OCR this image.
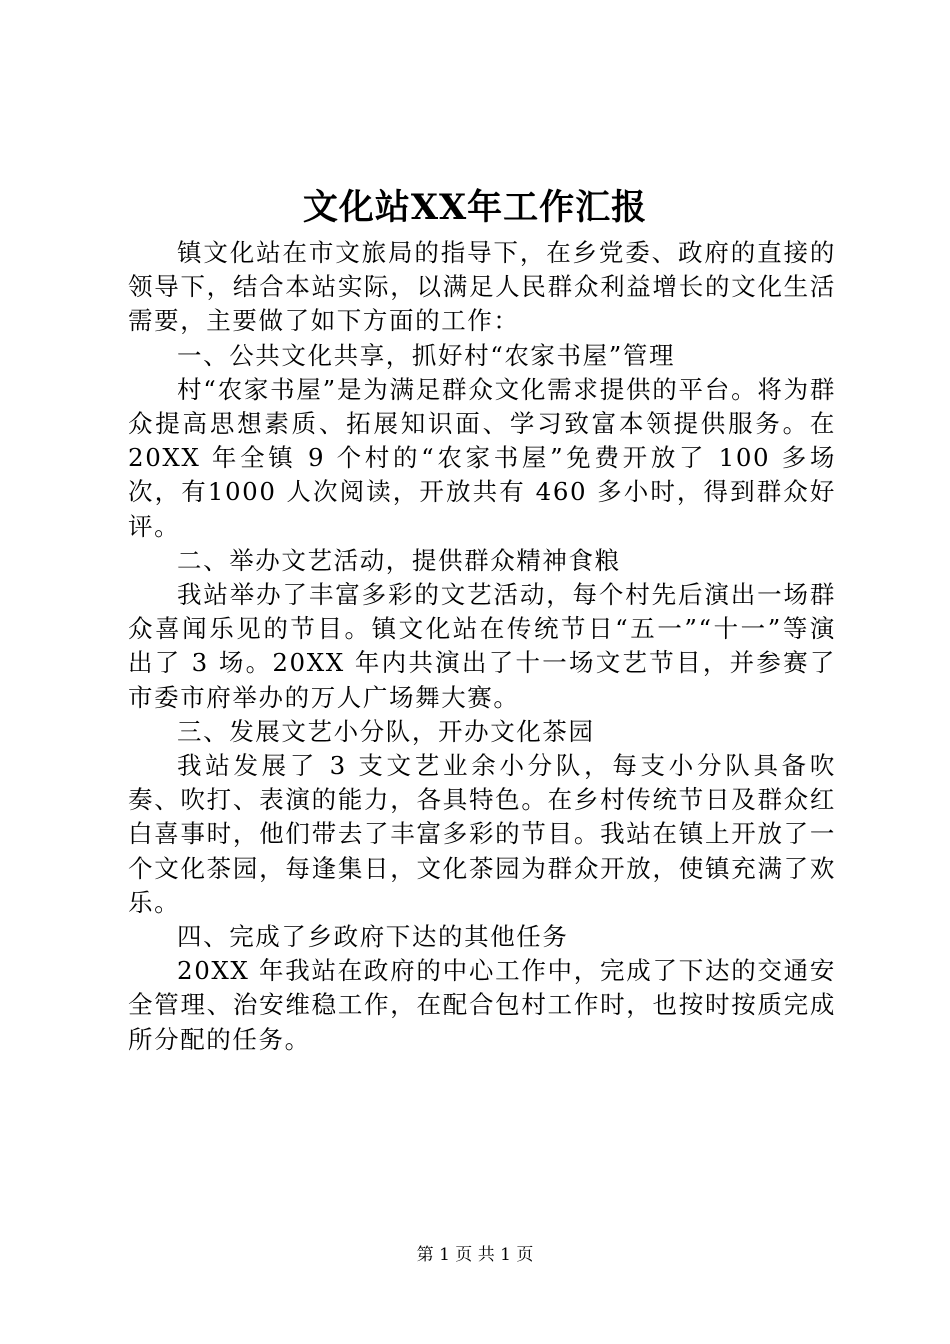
文化站XX年工作汇报

镇文化站在市文旅局的指导下，在乡党委、政府的直接的领导下，结合本站实际，以满足人民群众利益增长的文化生活需要，主要做了如下方面的工作：

一、公共文化共享，抓好村“农家书屋”管理

村“农家书屋”是为满足群众文化需求提供的平台。将为群众提高思想素质、拓展知识面、学习致富本领提供服务。在20XX 年全镇 9 个村的“农家书屋”免费开放了 100 多场次，有1000 人次阅读，开放共有 460 多小时，得到群众好评。

二、举办文艺活动，提供群众精神食粮

我站举办了丰富多彩的文艺活动，每个村先后演出一场群众喜闻乐见的节目。镇文化站在传统节日“五一”“十一”等演出了 3 场。20XX 年内共演出了十一场文艺节目，并参赛了市委市府举办的万人广场舞大赛。

三、发展文艺小分队，开办文化茶园

我站发展了 3 支文艺业余小分队，每支小分队具备吹奏、吹打、表演的能力，各具特色。在乡村传统节日及群众红白喜事时，他们带去了丰富多彩的节目。我站在镇上开放了一个文化茶园，每逢集日，文化茶园为群众开放，使镇充满了欢乐。

四、完成了乡政府下达的其他任务

20XX 年我站在政府的中心工作中，完成了下达的交通安全管理、治安维稳工作，在配合包村工作时，也按时按质完成所分配的任务。

第 1 页 共 1 页
